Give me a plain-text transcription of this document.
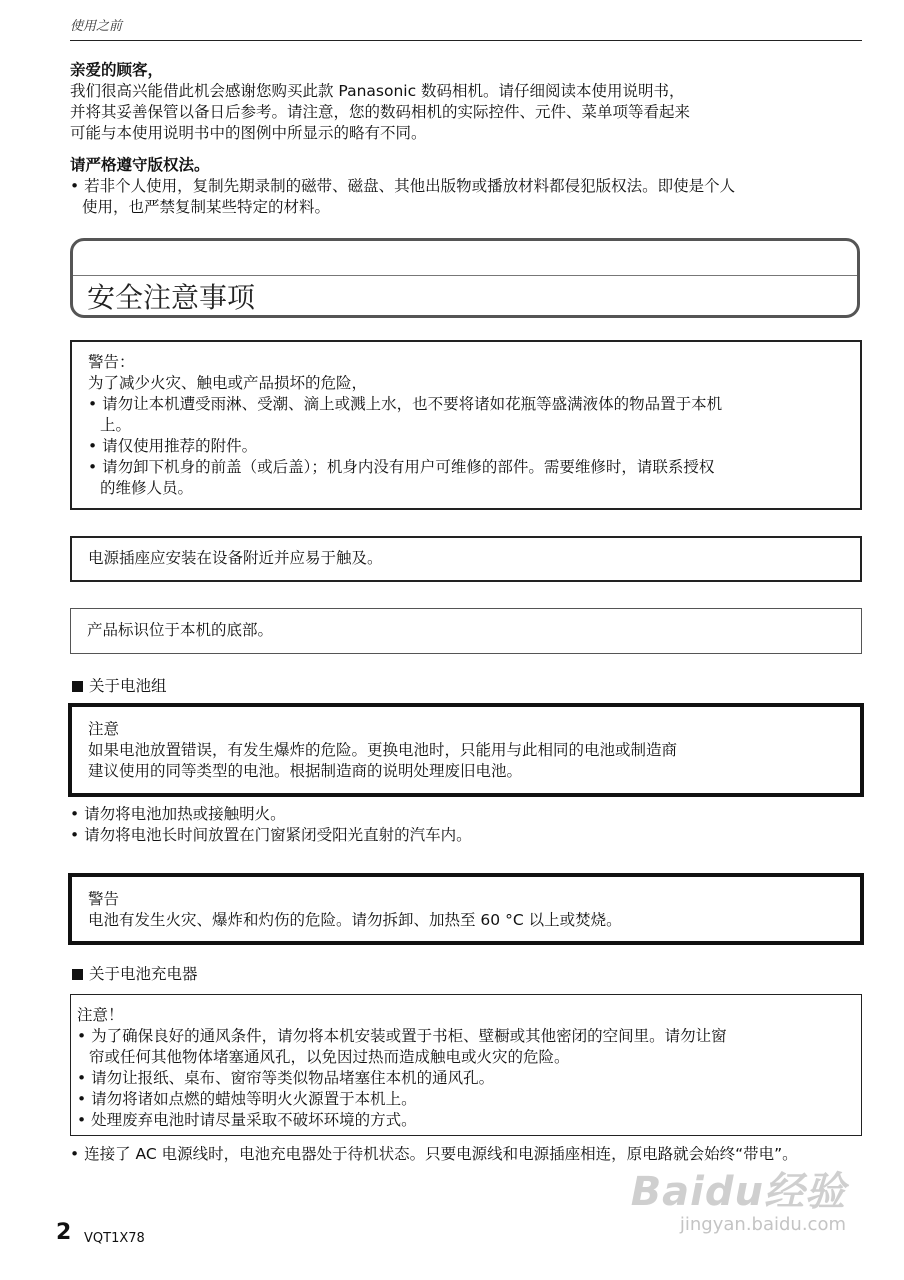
使用之前

亲爱的顾客，

我们很高兴能借此机会感谢您购买此款 Panasonic 数码相机。请仔细阅读本使用说明书，

并将其妥善保管以备日后参考。请注意，您的数码相机的实际控件、元件、菜单项等看起来

可能与本使用说明书中的图例中所显示的略有不同。

请严格遵守版权法。

• 若非个人使用，复制先期录制的磁带、磁盘、其他出版物或播放材料都侵犯版权法。即使是个人
使用，也严禁复制某些特定的材料。
安全注意事项

警告：

为了减少火灾、触电或产品损坏的危险，

• 请勿让本机遭受雨淋、受潮、滴上或溅上水，也不要将诸如花瓶等盛满液体的物品置于本机
上。
• 请仅使用推荐的附件。
• 请勿卸下机身的前盖（或后盖）；机身内没有用户可维修的部件。需要维修时，请联系授权
的维修人员。

电源插座应安装在设备附近并应易于触及。

产品标识位于本机的底部。

关于电池组

注意

如果电池放置错误，有发生爆炸的危险。更换电池时，只能用与此相同的电池或制造商

建议使用的同等类型的电池。根据制造商的说明处理废旧电池。

• 请勿将电池加热或接触明火。

• 请勿将电池长时间放置在门窗紧闭受阳光直射的汽车内。

警告

电池有发生火灾、爆炸和灼伤的危险。请勿拆卸、加热至 60 °C 以上或焚烧。

关于电池充电器

注意！

• 为了确保良好的通风条件，请勿将本机安装或置于书柜、壁橱或其他密闭的空间里。请勿让窗
帘或任何其他物体堵塞通风孔，以免因过热而造成触电或火灾的危险。
• 请勿让报纸、桌布、窗帘等类似物品堵塞住本机的通风孔。
• 请勿将诸如点燃的蜡烛等明火火源置于本机上。
• 处理废弃电池时请尽量采取不破坏环境的方式。

• 连接了 AC 电源线时，电池充电器处于待机状态。只要电源线和电源插座相连，原电路就会始终“带电”。

Baidu经验
jingyan.baidu.com
2 VQT1X78
